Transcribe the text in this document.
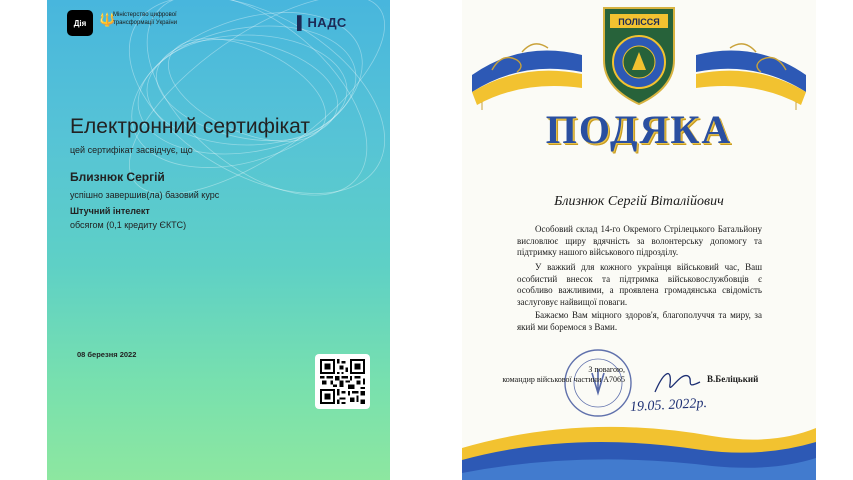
Дія 🔱
Міністерство цифрової трансформації України	▌НАДС
Електронний сертифікат
цей сертифікат засвідчує, що
Близнюк Сергій
успішно завершив(ла) базовий курс
Штучний інтелект
обсягом (0,1 кредиту ЄКТС)
08 березня 2022
ПОЛІССЯ
ПОДЯКА
Близнюк Сергій Віталійович

Особовий склад 14-го Окремого Стрілецького Батальйону висловлює щиру вдячність за волонтерську допомогу та підтримку нашого військового підрозділу.

У важкий для кожного українця військовий час, Ваш особистий внесок та підтримка військовослужбовців є особливо важливими, а проявлена громадянська свідомість заслуговує найвищої поваги.

Бажаємо Вам міцного здоров'я, благополуччя та миру, за який ми боремося з Вами.

З повагою,
командир військової частини А7065	В.Беліцький
19.05. 2022р.
